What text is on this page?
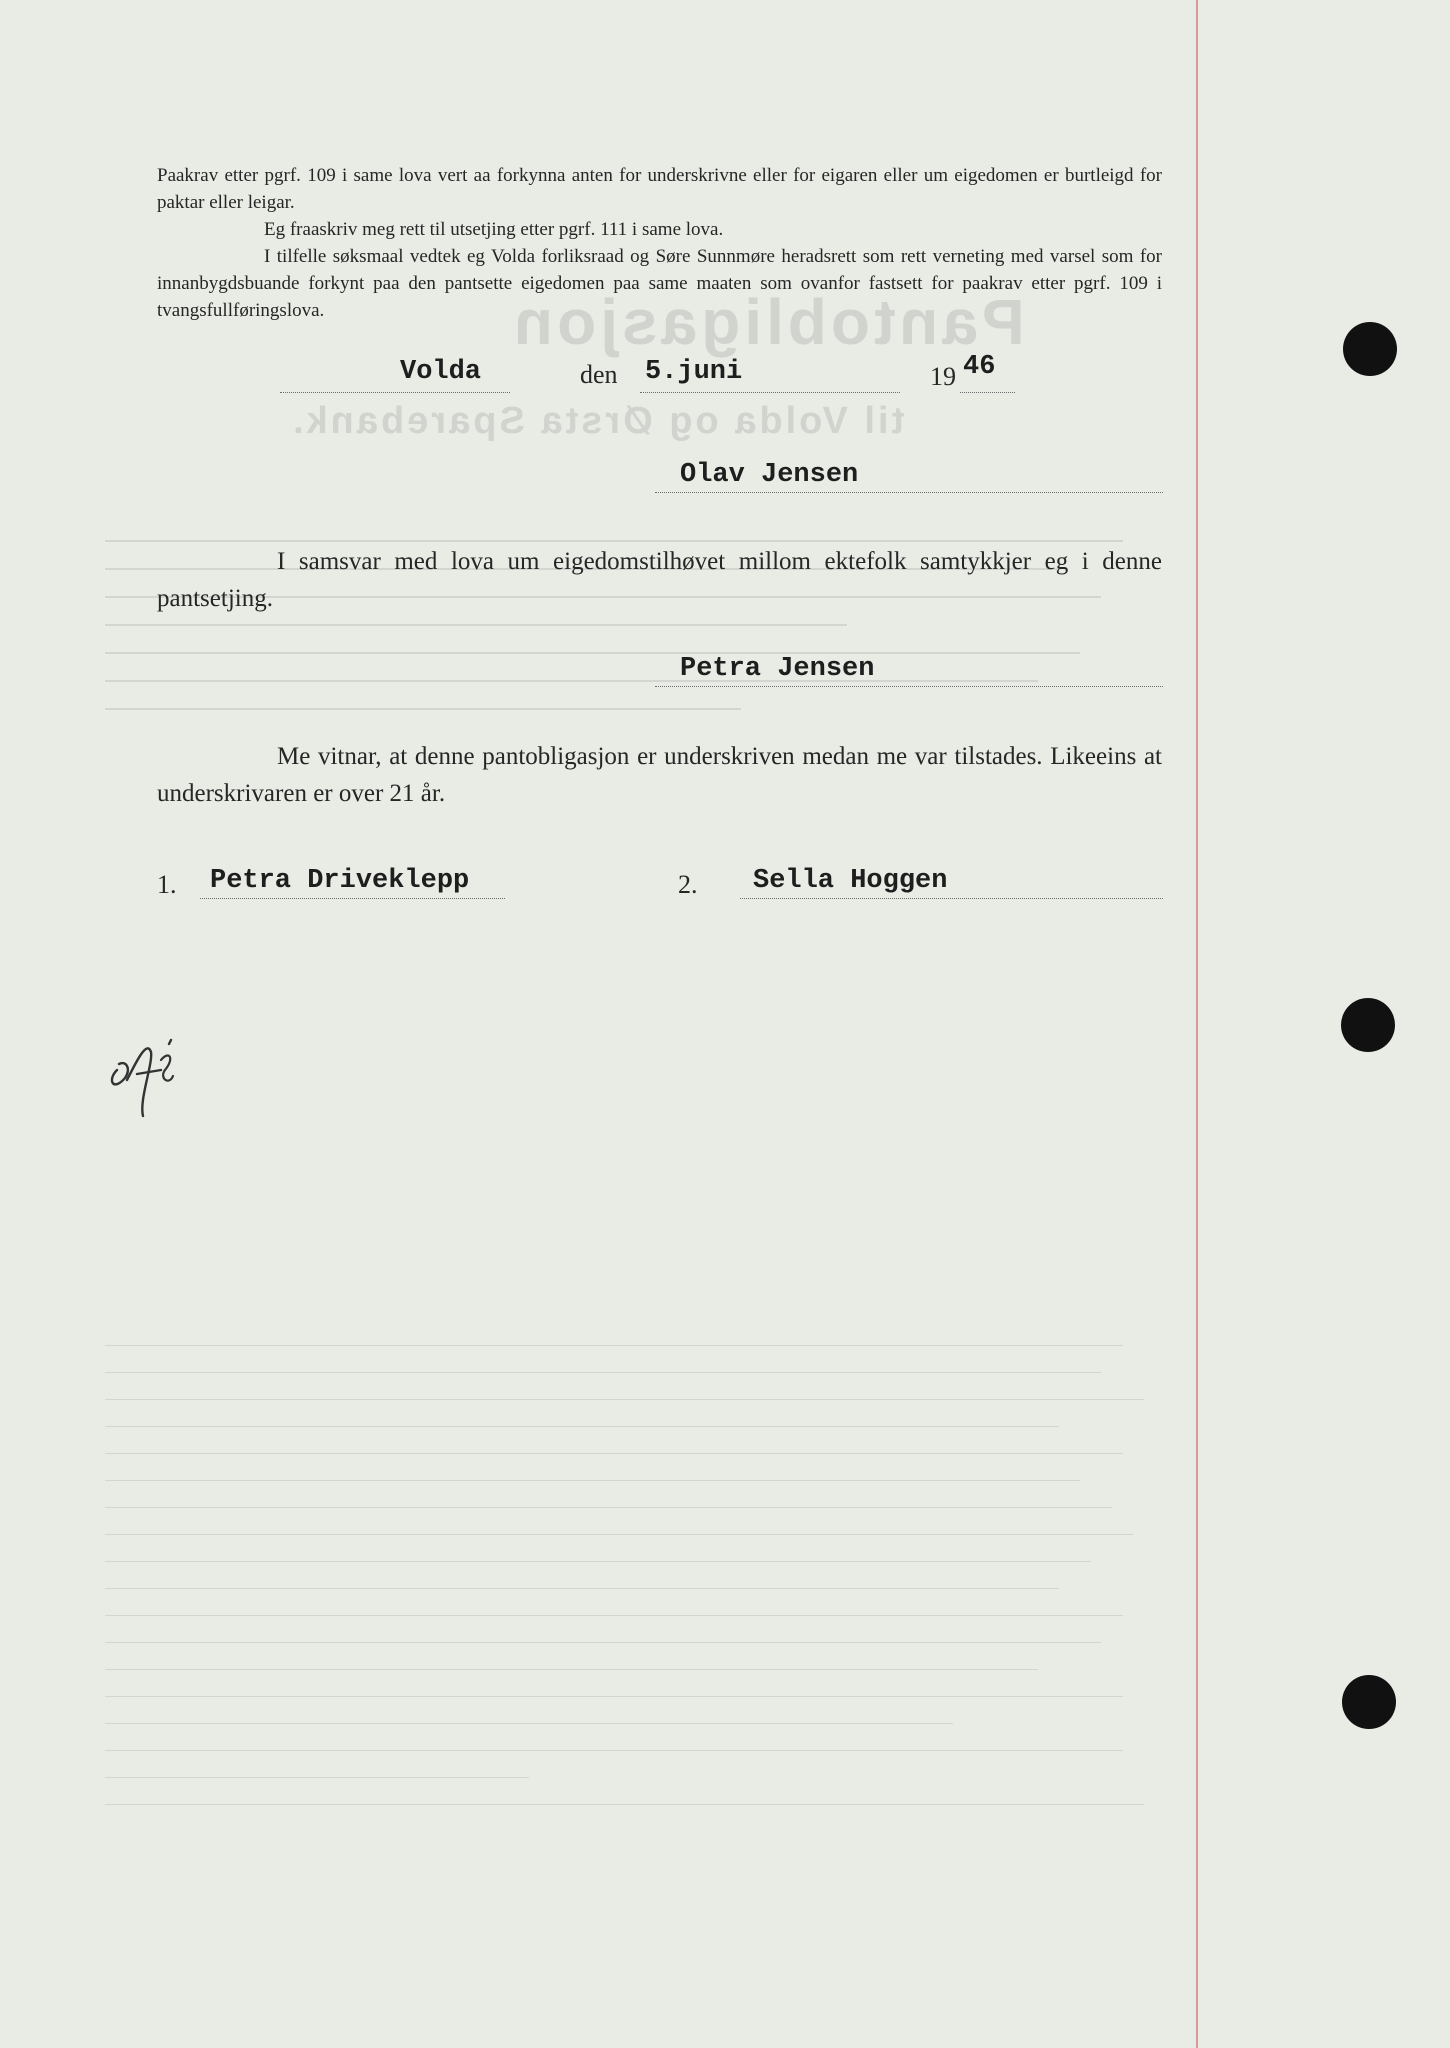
Pantobligasjon
til Volda og Ørsta Sparebank.

Paakrav etter pgrf. 109 i same lova vert aa forkynna anten for underskrivne eller for eigaren eller um eigedomen er burtleigd for paktar eller leigar.

Eg fraaskriv meg rett til utsetjing etter pgrf. 111 i same lova.

I tilfelle søksmaal vedtek eg Volda forliksraad og Søre Sunnmøre heradsrett som rett verneting med varsel som for innanbygdsbuande forkynt paa den pantsette eigedomen paa same maaten som ovanfor fastsett for paakrav etter pgrf. 109 i tvangsfullføringslova.

Volda	den 5.juni	19 46
Olav Jensen

I samsvar med lova um eigedomstilhøvet millom ektefolk samtykkjer eg i denne pantsetjing.

Petra Jensen

Me vitnar, at denne pantobligasjon er underskriven medan me var tilstades. Likeeins at underskrivaren er over 21 år.

1. Petra Driveklepp	2. Sella Hoggen
